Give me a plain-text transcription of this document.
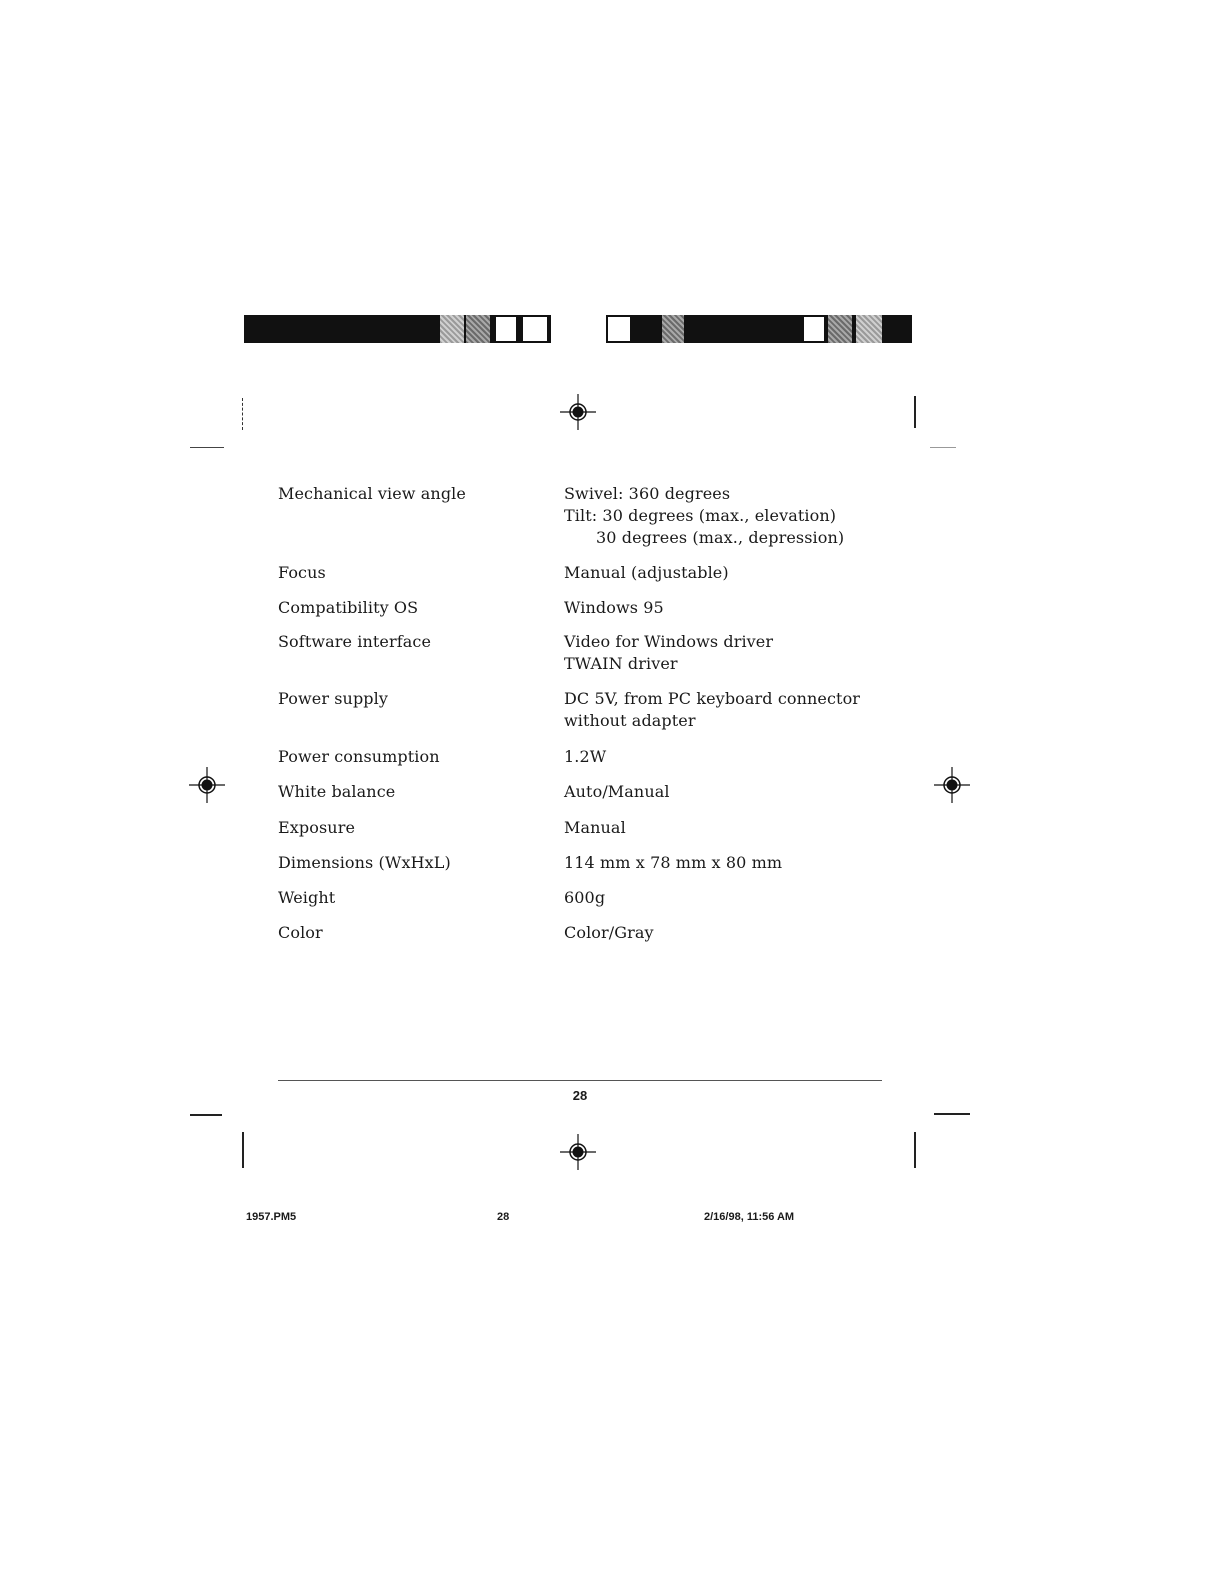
Mechanical view angle	Swivel: 360 degrees
Tilt: 30 degrees (max., elevation)
30 degrees (max., depression)
Focus	Manual (adjustable)
Compatibility OS	Windows 95
Software interface	Video for Windows driver
TWAIN driver
Power supply	DC 5V, from PC keyboard connector
without adapter
Power consumption	1.2W
White balance	Auto/Manual
Exposure	Manual
Dimensions (WxHxL)	114 mm x 78 mm x 80 mm
Weight	600g
Color	Color/Gray
28
1957.PM5	28	2/16/98, 11:56 AM
